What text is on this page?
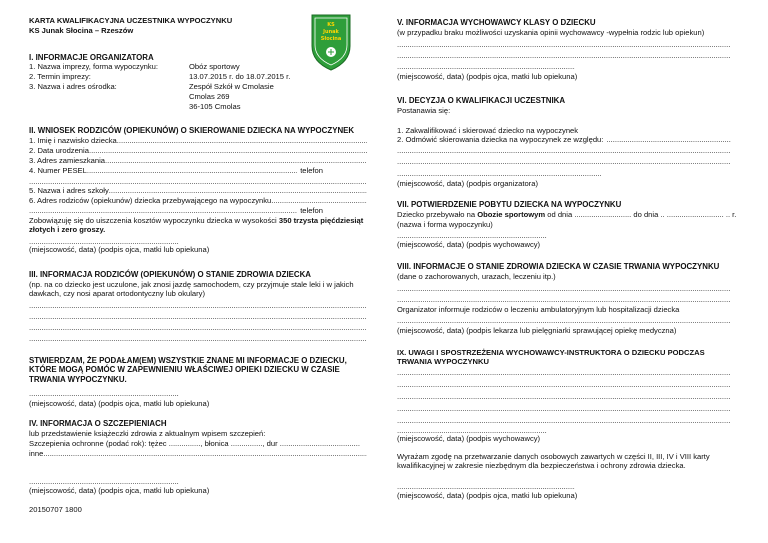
KARTA KWALIFIKACYJNA UCZESTNIKA WYPOCZYNKU
KS Junak Słocina – Rzeszów
I. INFORMACJE ORGANIZATORA
1. Nazwa imprezy, forma wypoczynku:
2. Termin imprezy:
3. Nazwa i adres ośrodka:
Obóz sportowy
13.07.2015 r. do 18.07.2015 r.
Zespół Szkół w Cmolasie
Cmolas 269
36-105 Cmolas
II. WNIOSEK RODZICÓW (OPIEKUNÓW) O SKIEROWANIE DZIECKA NA WYPOCZYNEK
1. Imię i nazwisko dziecka
.....
2. Data urodzenia
.....
3. Adres zamieszkania
.....
4. Numer PESEL
.....	telefon
.....
5. Nazwa i adres szkoły
.....
6. Adres rodziców (opiekunów) dziecka przebywającego na wypoczynku
.....
.....
telefon
Zobowiązuję się do uiszczenia kosztów wypoczynku dziecka w wysokości 350 trzysta pięćdziesiąt złotych i zero groszy.
.....
(miejscowość, data) (podpis ojca, matki lub opiekuna)
III. INFORMACJA RODZICÓW (OPIEKUNÓW) O STANIE ZDROWIA DZIECKA
(np. na co dziecko jest uczulone, jak znosi jazdę samochodem, czy przyjmuje stale leki i w jakich dawkach, czy nosi aparat ortodontyczny lub okulary)
.....
.....
.....
.....
STWIERDZAM, ŻE PODAŁAM(EM) WSZYSTKIE ZNANE MI INFORMACJE O DZIECKU, KTÓRE MOGĄ POMÓC W ZAPEWNIENIU WŁAŚCIWEJ OPIEKI DZIECKU W CZASIE TRWANIA WYPOCZYNKU.
.....
(miejscowość, data) (podpis ojca, matki lub opiekuna)
IV. INFORMACJA O SZCZEPIENIACH
lub przedstawienie książeczki zdrowia z aktualnym wpisem szczepień:
Szczepienia ochronne (podać rok): tężec ..............., błonica ..............., dur ......................................
inne
.....
.....
(miejscowość, data) (podpis ojca, matki lub opiekuna)
20150707 1800
KS
Junak
Słocina
V. INFORMACJA WYCHOWAWCY KLASY O DZIECKU
(w przypadku braku możliwości uzyskania opinii wychowawcy -wypełnia rodzic lub opiekun)
.....
.....
.....
(miejscowość, data) (podpis ojca, matki lub opiekuna)
VI. DECYZJA O KWALIFIKACJI UCZESTNIKA
Postanawia się:
1. Zakwalifikować i skierować dziecko na wypoczynek
2. Odmówić skierowania dziecka na wypoczynek ze względu:
.....
.....
.....
.....
(miejscowość, data) (podpis organizatora)
VII. POTWIERDZENIE POBYTU DZIECKA NA WYPOCZYNKU
Dziecko przebywało na Obozie sportowym od dnia ........................... do dnia .. ........................... .. r.
(nazwa i forma wypoczynku)
.....
(miejscowość, data) (podpis wychowawcy)
VIII. INFORMACJE O STANIE ZDROWIA DZIECKA W CZASIE TRWANIA WYPOCZYNKU
(dane o zachorowanych, urazach, leczeniu itp.)
.....
.....
Organizator informuje rodziców o leczeniu ambulatoryjnym lub hospitalizacji dziecka
.....
(miejscowość, data) (podpis lekarza lub pielęgniarki sprawującej opiekę medyczna)
IX. UWAGI I SPOSTRZEŻENIA WYCHOWAWCY-INSTRUKTORA O DZIECKU PODCZAS TRWANIA WYPOCZYNKU
.....
.....
.....
.....
.....
.....
(miejscowość, data) (podpis wychowawcy)
Wyrażam zgodę na przetwarzanie danych osobowych zawartych w części II, III, IV i VIII karty kwalifikacyjnej w zakresie niezbędnym dla bezpieczeństwa i ochrony zdrowia dziecka.
.....
(miejscowość, data) (podpis ojca, matki lub opiekuna)
